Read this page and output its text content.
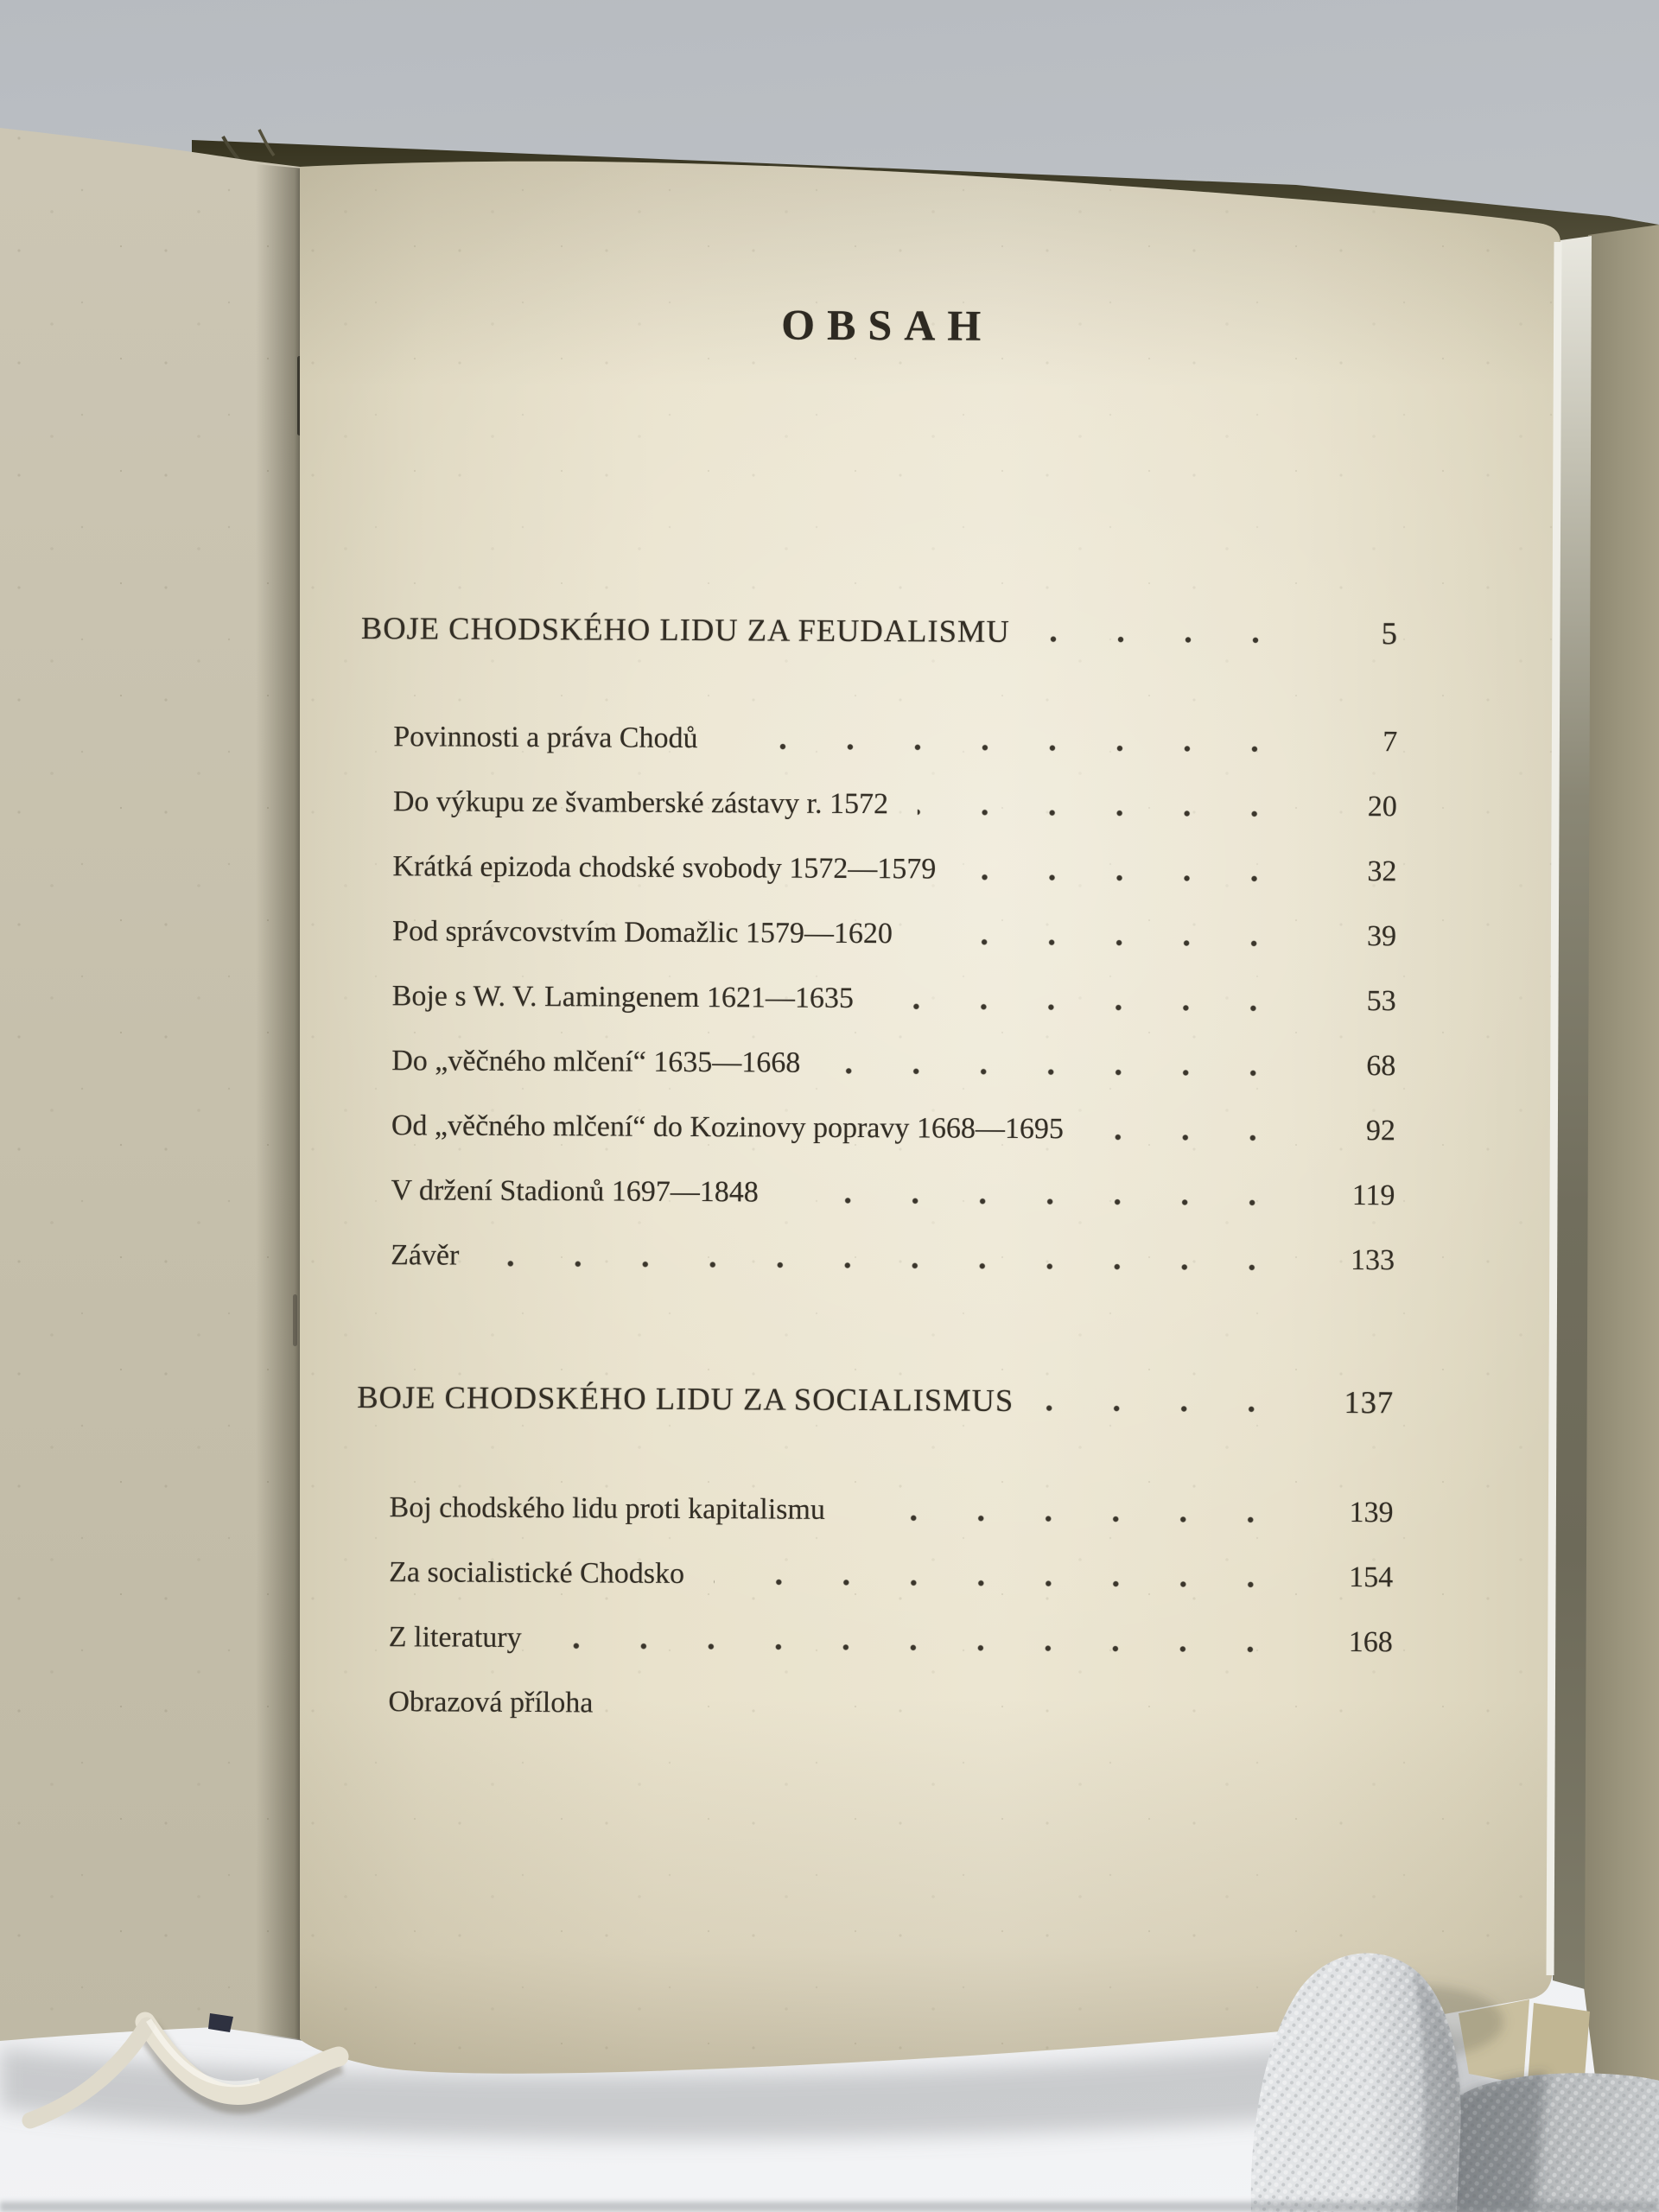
OBSAH
BOJE CHODSKÉHO LIDU ZA FEUDALISMU	5
Povinnosti a práva Chodů	7
Do výkupu ze švamberské zástavy r. 1572	20
Krátká epizoda chodské svobody 1572—1579	32
Pod správcovstvím Domažlic 1579—1620	39
Boje s W. V. Lamingenem 1621—1635	53
Do „věčného mlčení“ 1635—1668	68
Od „věčného mlčení“ do Kozinovy popravy 1668—1695	92
V držení Stadionů 1697—1848	119
Závěr	133
BOJE CHODSKÉHO LIDU ZA SOCIALISMUS	137
Boj chodského lidu proti kapitalismu	139
Za socialistické Chodsko	154
Z literatury	168
Obrazová příloha
